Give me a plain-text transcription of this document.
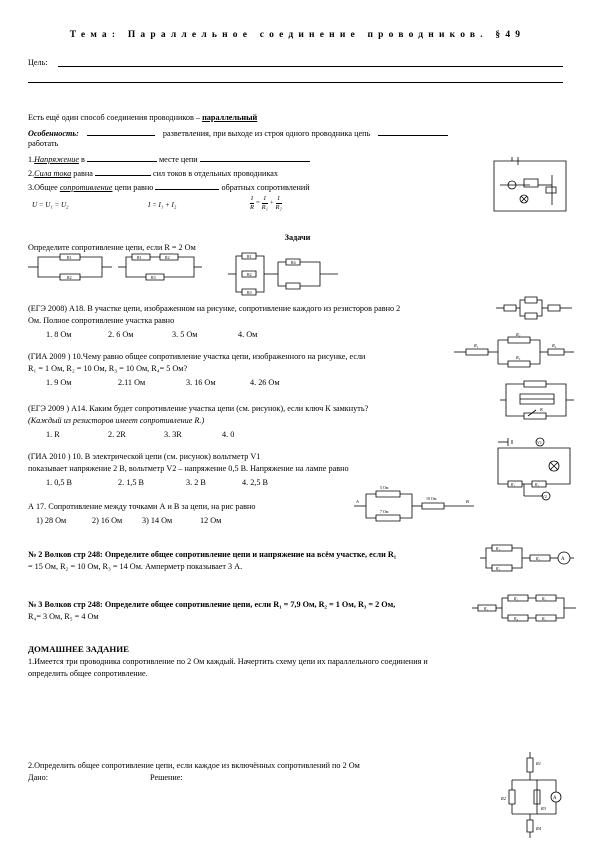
Тема: Параллельное соединение проводников. §49
Цель:
Есть ещё один способ соединения проводников – параллельный
Особенность:	разветвления, при выходе из строя одного проводника цепь
работать
1.Напряжение в	месте цепи
2.Сила тока равна	сил токов в отдельных проводниках
3.Общее сопротивление цепи равно	обратных сопротивлений
U = U₁ = U₂	I = I₁ + I₂	$\frac{1}{R} = \frac{1}{\text{R₁}} + \frac{1}{\text{R₂}}$
Задачи
Определите сопротивление цепи, если R = 2 Ом
R1
R2
R1	R2
R3
R1
R2
R3
R4
(ЕГЭ 2008) А18. В участке цепи, изображенном на рисунке, сопротивление каждого из резисторов равно 2
Ом. Полное сопротивление участка равно
1. 8 Ом	2. 6 Ом	3. 5 Ом	4. Ом
(ГИА 2009 ) 10.Чему равно общее сопротивление участка цепи, изображенного на рисунке, если
R₁ = 1 Ом, R₂ = 10 Ом, R₃ = 10 Ом, R₄= 5 Ом?
1. 9 Ом	2.11 Ом	3. 16 Ом	4. 26 Ом
R₁
R₂
R₃
R₄
(ЕГЭ 2009 ) А14. Каким будет сопротивление участка цепи (см. рисунок), если ключ К замкнуть?
(Каждый из резисторов имеет сопротивление R.)
1. R	2. 2R	3. 3R	4. 0
К
(ГИА 2010 ) 10. В электрической цепи (см. рисунок) вольтметр V1
показывает напряжение 2 В, вольтметр V2 – напряжение 0,5 В. Напряжение на лампе равно
1. 0,5 В	2. 1,5 В	3. 2 В	4. 2,5 В
V1
V2
R₁	R₂
А 17. Сопротивление между точками А и В за цепи, на рис равно
1) 28 Ом	2) 16 Ом 3) 14 Ом	12 Ом
A	B
5 Ом
7 Ом
10 Ом
№ 2 Волков стр 248: Определите общее сопротивление цепи и напряжение на всём участке, если R₁
= 15 Ом, R₂ = 10 Ом, R₃ = 14 Ом. Амперметр показывает 3 А.
R₁
R₂
R₃	A
№ 3 Волков стр 248: Определите общее сопротивление цепи, если R₁ = 7,9 Ом, R₂ = 1 Ом, R₃ = 2 Ом,
R₄= 3 Ом, R₅ = 4 Ом
R₁
R₂	R₃
R₄	R₅
ДОМАШНЕЕ ЗАДАНИЕ
1.Имеется три проводника сопротивление по 2 Ом каждый. Начертить схему цепи их параллельного соединения и
определить общее сопротивление.
2.Определить общее сопротивление цепи, если каждое из включённых сопротивлений по 2 Ом
Дано:	Решение:
R1
R2
R3
R4
A
